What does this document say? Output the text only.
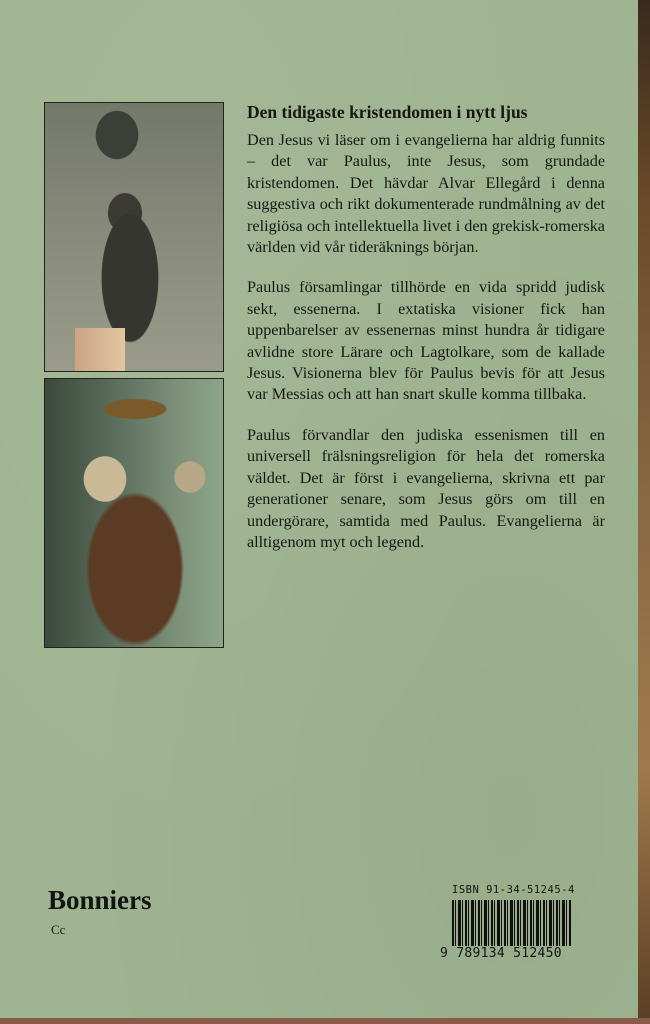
Den tidigaste kristendomen i nytt ljus

Den Jesus vi läser om i evangelierna har aldrig funnits – det var Paulus, inte Jesus, som grundade kristendomen. Det hävdar Alvar Ellegård i denna suggestiva och rikt dokumenterade rundmålning av det religiösa och intellektuella livet i den grekisk-romerska världen vid vår tideräknings början.

Paulus församlingar tillhörde en vida spridd judisk sekt, essenerna. I extatiska visioner fick han uppenbarelser av essenernas minst hundra år tidigare avlidne store Lärare och Lagtolkare, som de kallade Jesus. Visionerna blev för Paulus bevis för att Jesus var Messias och att han snart skulle komma tillbaka.

Paulus förvandlar den judiska essenismen till en universell frälsningsreligion för hela det romerska väldet. Det är först i evangelierna, skrivna ett par generationer senare, som Jesus görs om till en undergörare, samtida med Paulus. Evangelierna är alltigenom myt och legend.

Bonniers
Cc
ISBN 91-34-51245-4
9 789134 512450
